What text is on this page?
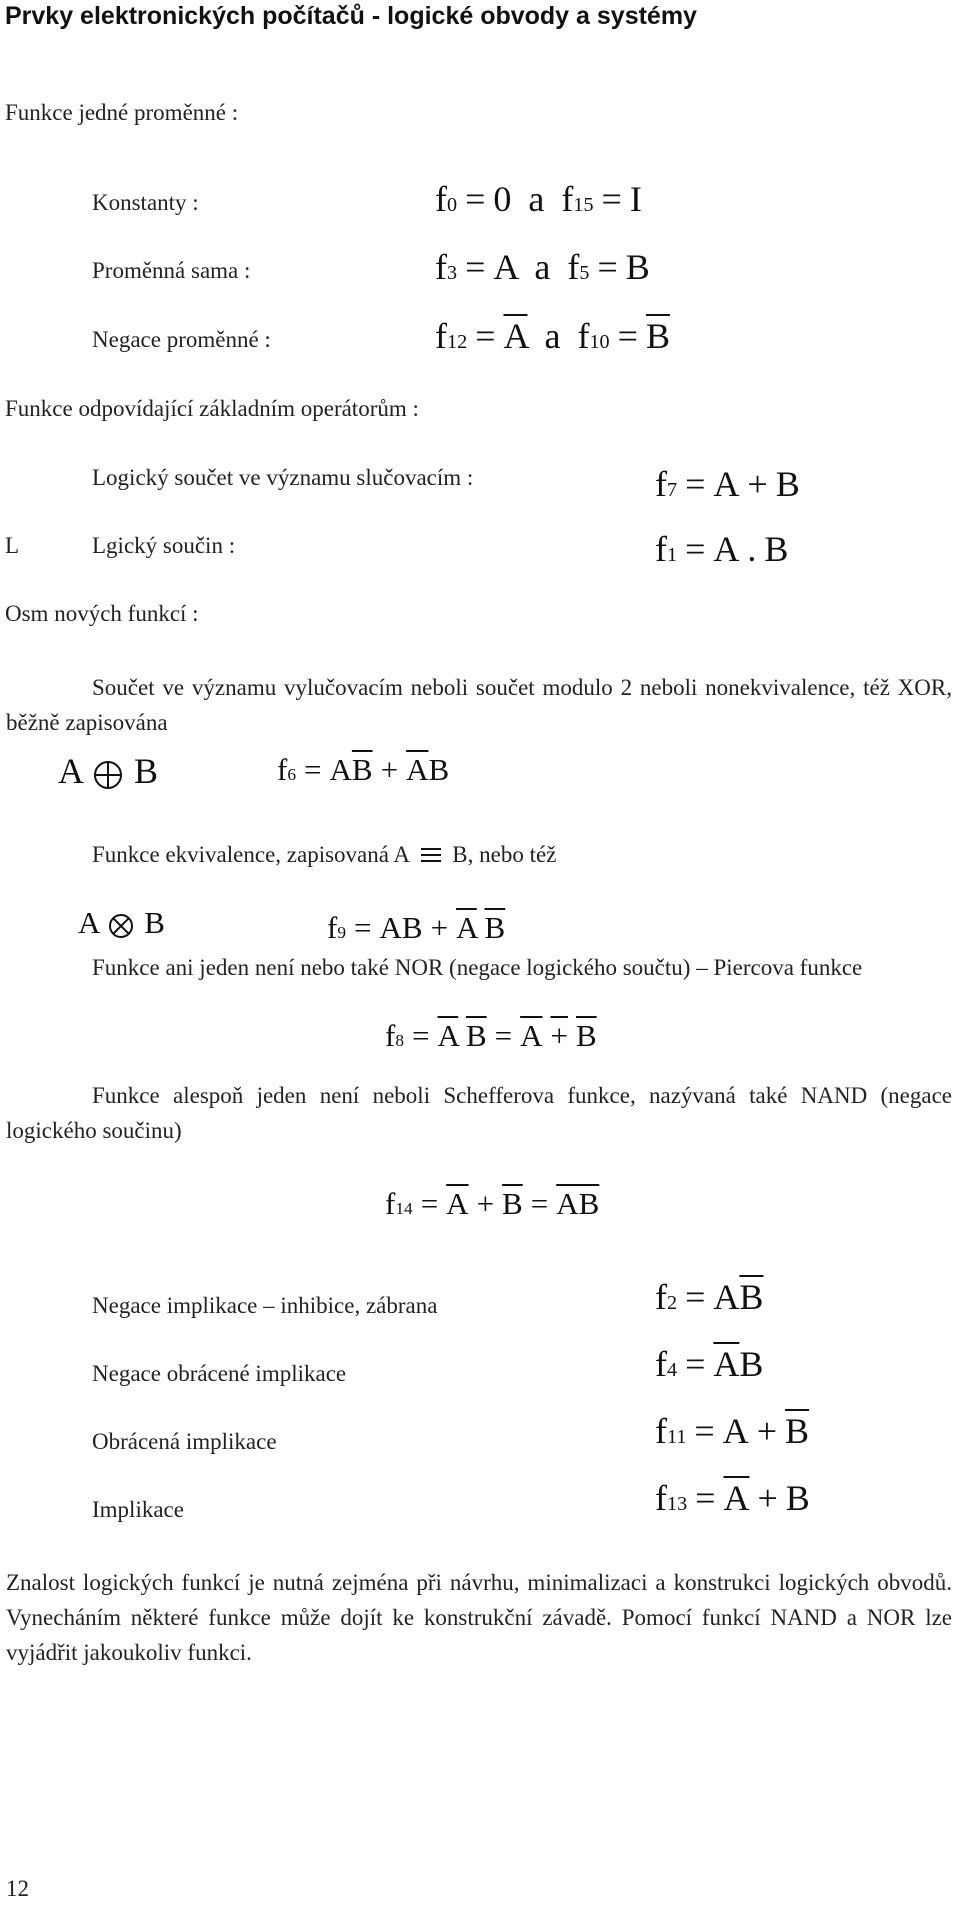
Prvky elektronických počítačů - logické obvody a systémy
Funkce jedné proměnné :
Konstanty :	f0 = 0 a f15 = I
Proměnná sama :	f3 = A a f5 = B
Negace proměnné :	$f12 = \overline{A}$ a $f10 = \overline{B}$
Funkce odpovídající základním operátorům :
Logický součet ve významu slučovacím :	f7 = A + B
L	Lgický součin :	f1 = A . B
Osm nových funkcí :
Součet ve významu vylučovacím neboli součet modulo 2 neboli nonekvivalence, též XOR, běžně zapisována
A B	$f6 = A\overline{B} + \overline{A}B$
Funkce ekvivalence, zapisovaná A B, nebo též
A B	f9 = AB + $\overline{A}$ $\overline{B}$
Funkce ani jeden není nebo také NOR (negace logického součtu) – Piercova funkce
$f8 = \overline{A}$ $\overline{B} = A + B$
Funkce alespoň jeden není neboli Schefferova funkce, nazývaná také NAND (negace logického součinu)
$f14 = \overline{A} + \overline{B} = \overline{AB}$
Negace implikace – inhibice, zábrana	$f2 = A\overline{B}$
Negace obrácené implikace	$f4 = \overline{A}B$
Obrácená implikace	$f11 = A + \overline{B}$
Implikace	$f13 = \overline{A} + B$
Znalost logických funkcí je nutná zejména při návrhu, minimalizaci a konstrukci logických obvodů. Vynecháním některé funkce může dojít ke konstrukční závadě. Pomocí funkcí NAND a NOR lze vyjádřit jakoukoliv funkci.
12
